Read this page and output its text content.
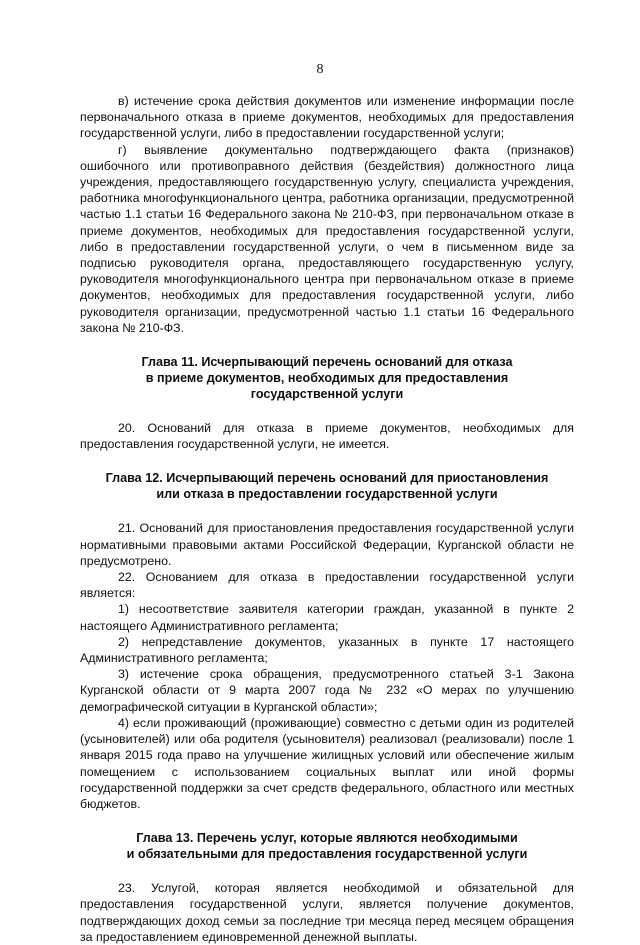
8

в) истечение срока действия документов или изменение информации после первоначального отказа в приеме документов, необходимых для предоставления государственной услуги, либо в предоставлении государственной услуги;

г) выявление документально подтверждающего факта (признаков) ошибочного или противоправного действия (бездействия) должностного лица учреждения, предоставляющего государственную услугу, специалиста учреждения, работника многофункционального центра, работника организации, предусмотренной частью 1.1 статьи 16 Федерального закона № 210-ФЗ, при первоначальном отказе в приеме документов, необходимых для предоставления государственной услуги, либо в предоставлении государственной услуги, о чем в письменном виде за подписью руководителя органа, предоставляющего государственную услугу, руководителя многофункционального центра при первоначальном отказе в приеме документов, необходимых для предоставления государственной услуги, либо руководителя организации, предусмотренной частью 1.1 статьи 16 Федерального закона № 210-ФЗ.

Глава 11. Исчерпывающий перечень оснований для отказа
в приеме документов, необходимых для предоставления
государственной услуги

20. Оснований для отказа в приеме документов, необходимых для предоставления государственной услуги, не имеется.

Глава 12. Исчерпывающий перечень оснований для приостановления
или отказа в предоставлении государственной услуги

21. Оснований для приостановления предоставления государственной услуги нормативными правовыми актами Российской Федерации, Курганской области не предусмотрено.

22. Основанием для отказа в предоставлении государственной услуги является:

1) несоответствие заявителя категории граждан, указанной в пункте 2 настоящего Административного регламента;

2) непредставление документов, указанных в пункте 17 настоящего Административного регламента;

3) истечение срока обращения, предусмотренного статьей 3-1 Закона Курганской области от 9 марта 2007 года № 232 «О мерах по улучшению демографической ситуации в Курганской области»;

4) если проживающий (проживающие) совместно с детьми один из родителей (усыновителей) или оба родителя (усыновителя) реализовал (реализовали) после 1 января 2015 года право на улучшение жилищных условий или обеспечение жилым помещением с использованием социальных выплат или иной формы государственной поддержки за счет средств федерального, областного или местных бюджетов.

Глава 13. Перечень услуг, которые являются необходимыми
и обязательными для предоставления государственной услуги

23. Услугой, которая является необходимой и обязательной для предоставления государственной услуги, является получение документов, подтверждающих доход семьи за последние три месяца перед месяцем обращения за предоставлением единовременной денежной выплаты.
